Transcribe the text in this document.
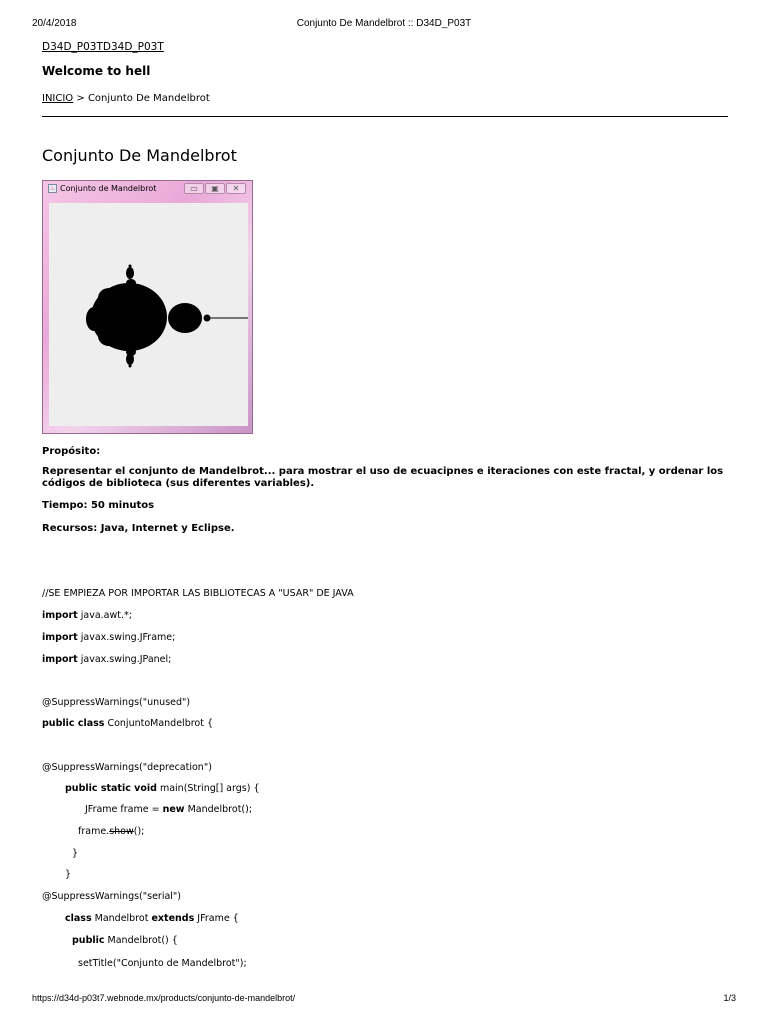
20/4/2018	Conjunto De Mandelbrot :: D34D_P03T
D34D_P03TD34D_P03T
Welcome to hell
INICIO > Conjunto De Mandelbrot
Conjunto De Mandelbrot
♨ Conjunto de Mandelbrot	▭	▣	✕
Propósito:
Representar el conjunto de Mandelbrot... para mostrar el uso de ecuacipnes e iteraciones con este fractal, y ordenar los códigos de biblioteca (sus diferentes variables).
Tiempo: 50 minutos
Recursos: Java, Internet y Eclipse.
//SE EMPIEZA POR IMPORTAR LAS BIBLIOTECAS A "USAR" DE JAVA
import java.awt.*;
import javax.swing.JFrame;
import javax.swing.JPanel;
@SuppressWarnings("unused")
public class ConjuntoMandelbrot {
@SuppressWarnings("deprecation")
public static void main(String[] args) {
JFrame frame = new Mandelbrot();
frame.show();
}
}
@SuppressWarnings("serial")
class Mandelbrot extends JFrame {
public Mandelbrot() {
setTitle("Conjunto de Mandelbrot");
https://d34d-p03t7.webnode.mx/products/conjunto-de-mandelbrot/	1/3
